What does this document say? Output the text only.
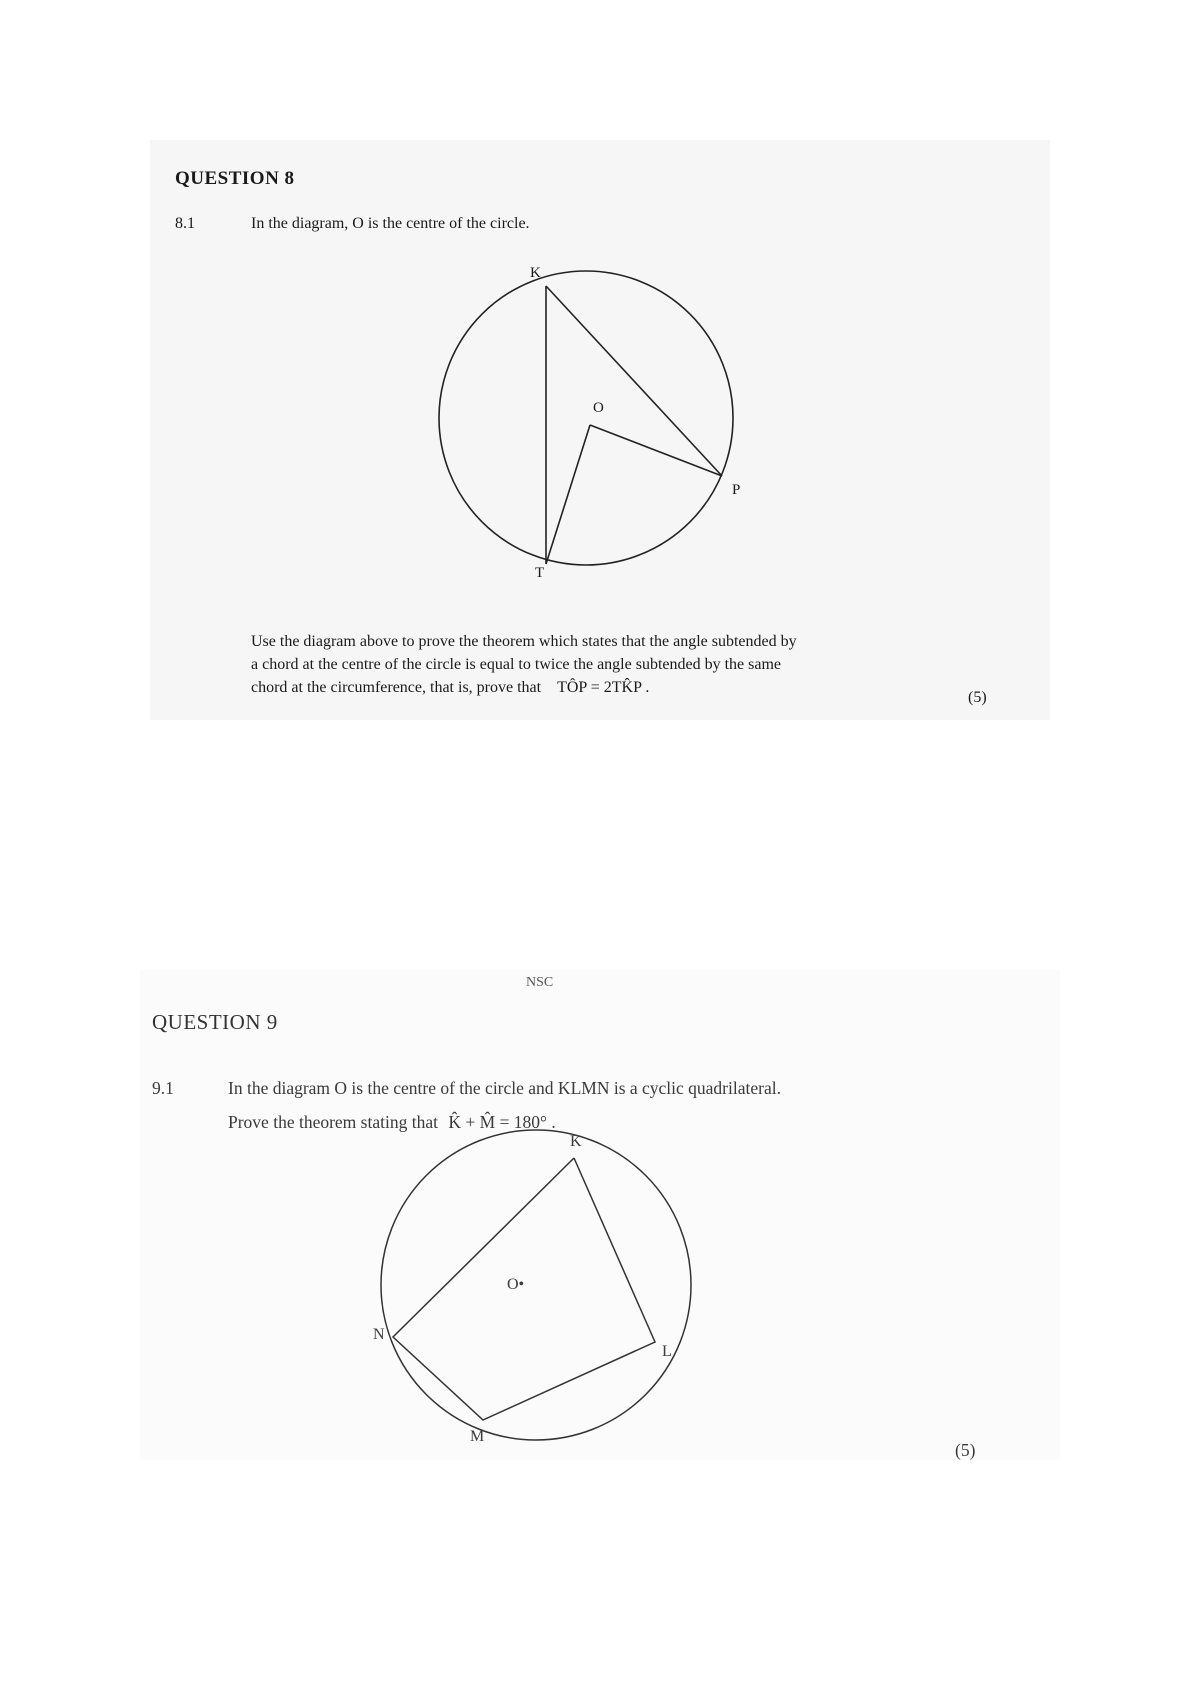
QUESTION 8
8.1	In the diagram, O is the centre of the circle.
K
O
P
T

Use the diagram above to prove the theorem which states that the angle subtended by

a chord at the centre of the circle is equal to twice the angle subtended by the same

chord at the circumference, that is, prove that TÔP = 2TK̂P .

(5)
NSC
QUESTION 9
9.1	In the diagram O is the centre of the circle and KLMN is a cyclic quadrilateral.
Prove the theorem stating that K̂ + M̂ = 180° .
K
L
M
N
O•
(5)
